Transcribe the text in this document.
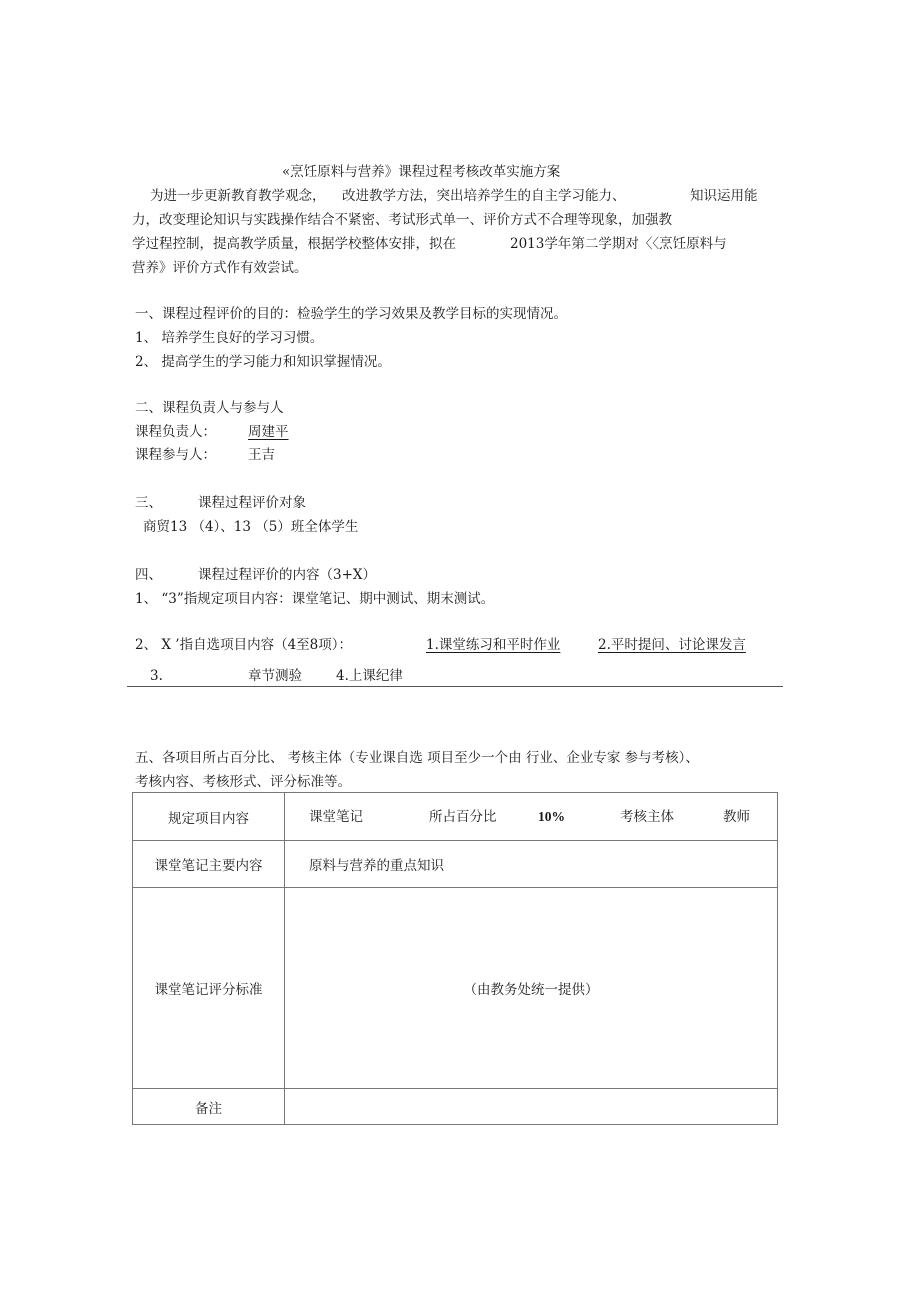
«烹饪原料与营养》课程过程考核改革实施方案
为进一步更新教育教学观念， 改进教学方法，突出培养学生的自主学习能力、	知识运用能
力，改变理论知识与实践操作结合不紧密、考试形式单一、评价方式不合理等现象，加强教
学过程控制，提高教学质量，根据学校整体安排，拟在	2013学年第二学期对〈〈烹饪原料与
营养》评价方式作有效尝试。
一、课程过程评价的目的：检验学生的学习效果及教学目标的实现情况。
1、 培养学生良好的学习习惯。
2、 提高学生的学习能力和知识掌握情况。
二、课程负责人与参与人
课程负责人： 周建平
课程参与人： 王吉
三、	课程过程评价对象
商贸13 （4）、13 （5）班全体学生
四、	课程过程评价的内容（3+X）
1、 “3”指规定项目内容：课堂笔记、期中测试、期末测试。
2、 X ’指自选项目内容（4至8项）：	1.课堂练习和平时作业	2.平时提问、讨论课发言
3.	章节测验	4.上课纪律
五、各项目所占百分比、 考核主体（专业课自选 项目至少一个由 行业、企业专家 参与考核）、
考核内容、考核形式、评分标准等。
规定项目内容	课堂笔记 所占百分比 10% 考核主体 教师

课堂笔记主要内容	原料与营养的重点知识
课堂笔记评分标准	（由教务处统一提供）
备注	
